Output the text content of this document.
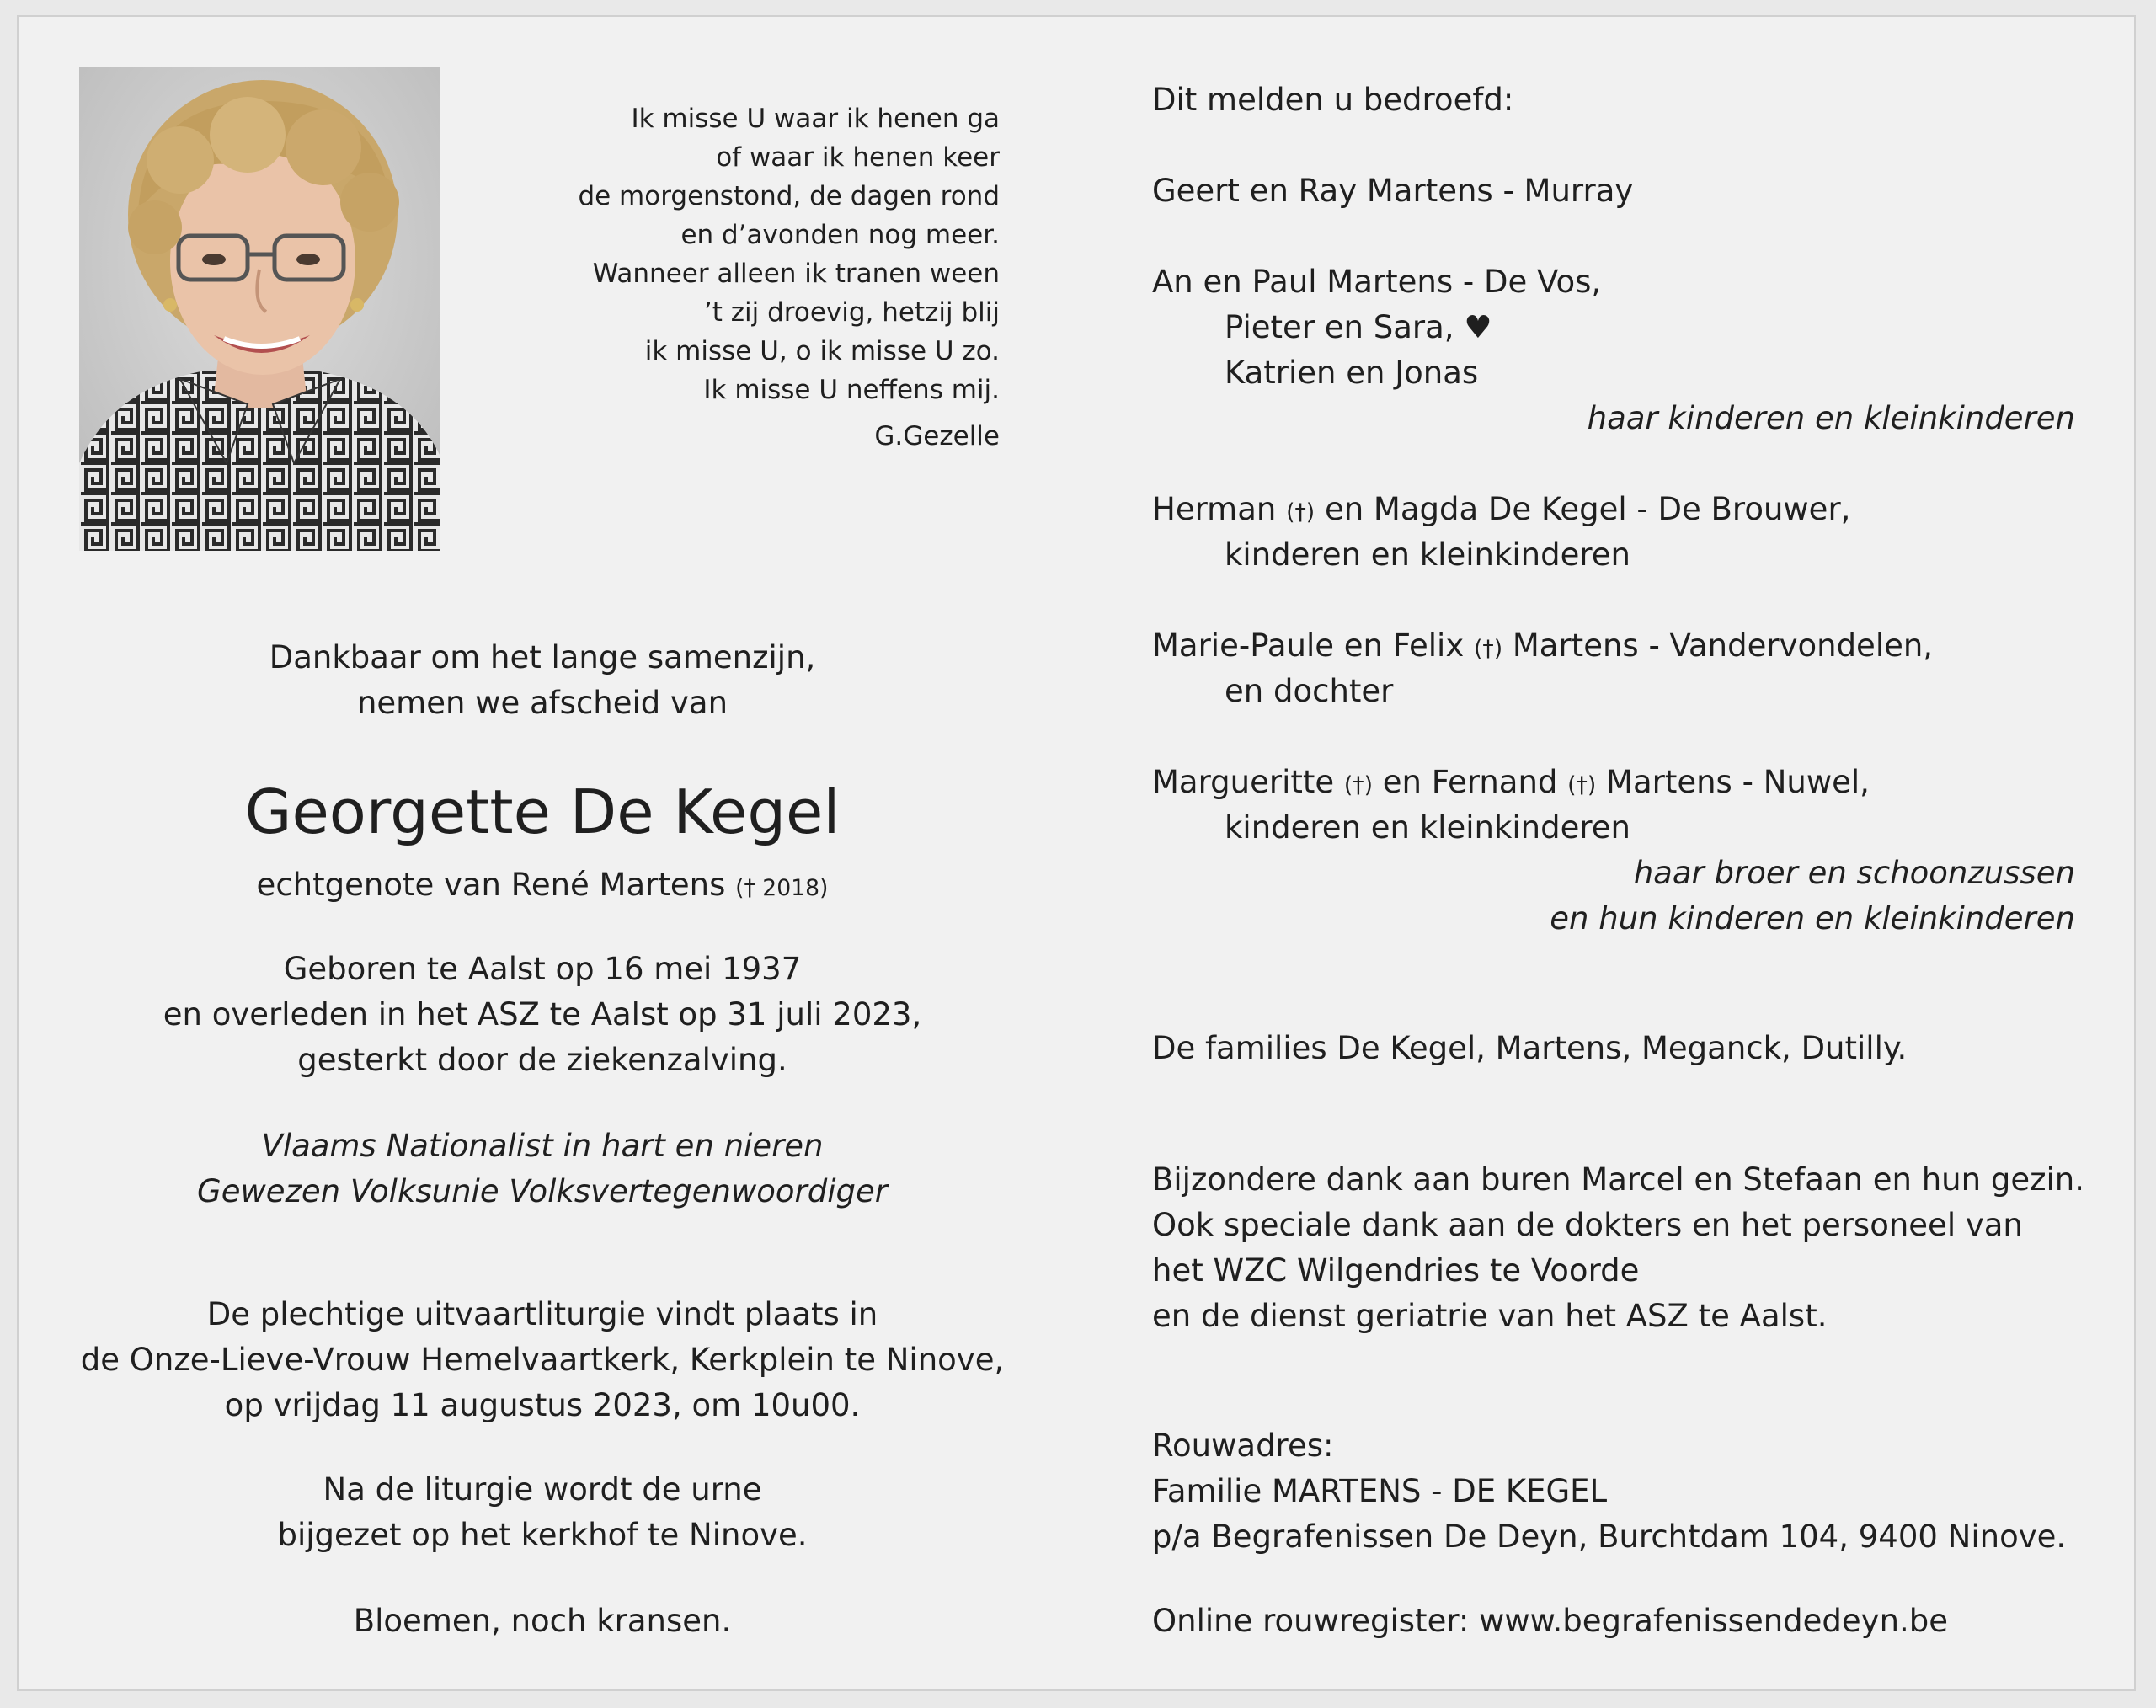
Ik misse U waar ik henen ga
of waar ik henen keer
de morgenstond, de dagen rond
en d’avonden nog meer.
Wanneer alleen ik tranen ween
’t zij droevig, hetzij blij
ik misse U, o ik misse U zo.
Ik misse U neffens mij.
G.Gezelle
Dankbaar om het lange samenzijn,
nemen we afscheid van
Georgette De Kegel
echtgenote van René Martens († 2018)
Geboren te Aalst op 16 mei 1937
en overleden in het ASZ te Aalst op 31 juli 2023,
gesterkt door de ziekenzalving.
Vlaams Nationalist in hart en nieren
Gewezen Volksunie Volksvertegenwoordiger
De plechtige uitvaartliturgie vindt plaats in
de Onze-Lieve-Vrouw Hemelvaartkerk, Kerkplein te Ninove,
op vrijdag 11 augustus 2023, om 10u00.
Na de liturgie wordt de urne
bijgezet op het kerkhof te Ninove.
Bloemen, noch kransen.
Dit melden u bedroefd:
Geert en Ray Martens - Murray
An en Paul Martens - De Vos,
Pieter en Sara, ♥
Katrien en Jonas
haar kinderen en kleinkinderen
Herman (†) en Magda De Kegel - De Brouwer,
kinderen en kleinkinderen
Marie-Paule en Felix (†) Martens - Vandervondelen,
en dochter
Margueritte (†) en Fernand (†) Martens - Nuwel,
kinderen en kleinkinderen
haar broer en schoonzussen
en hun kinderen en kleinkinderen
De families De Kegel, Martens, Meganck, Dutilly.
Bijzondere dank aan buren Marcel en Stefaan en hun gezin.
Ook speciale dank aan de dokters en het personeel van
het WZC Wilgendries te Voorde
en de dienst geriatrie van het ASZ te Aalst.
Rouwadres:
Familie MARTENS - DE KEGEL
p/a Begrafenissen De Deyn, Burchtdam 104, 9400 Ninove.
Online rouwregister: www.begrafenissendedeyn.be
